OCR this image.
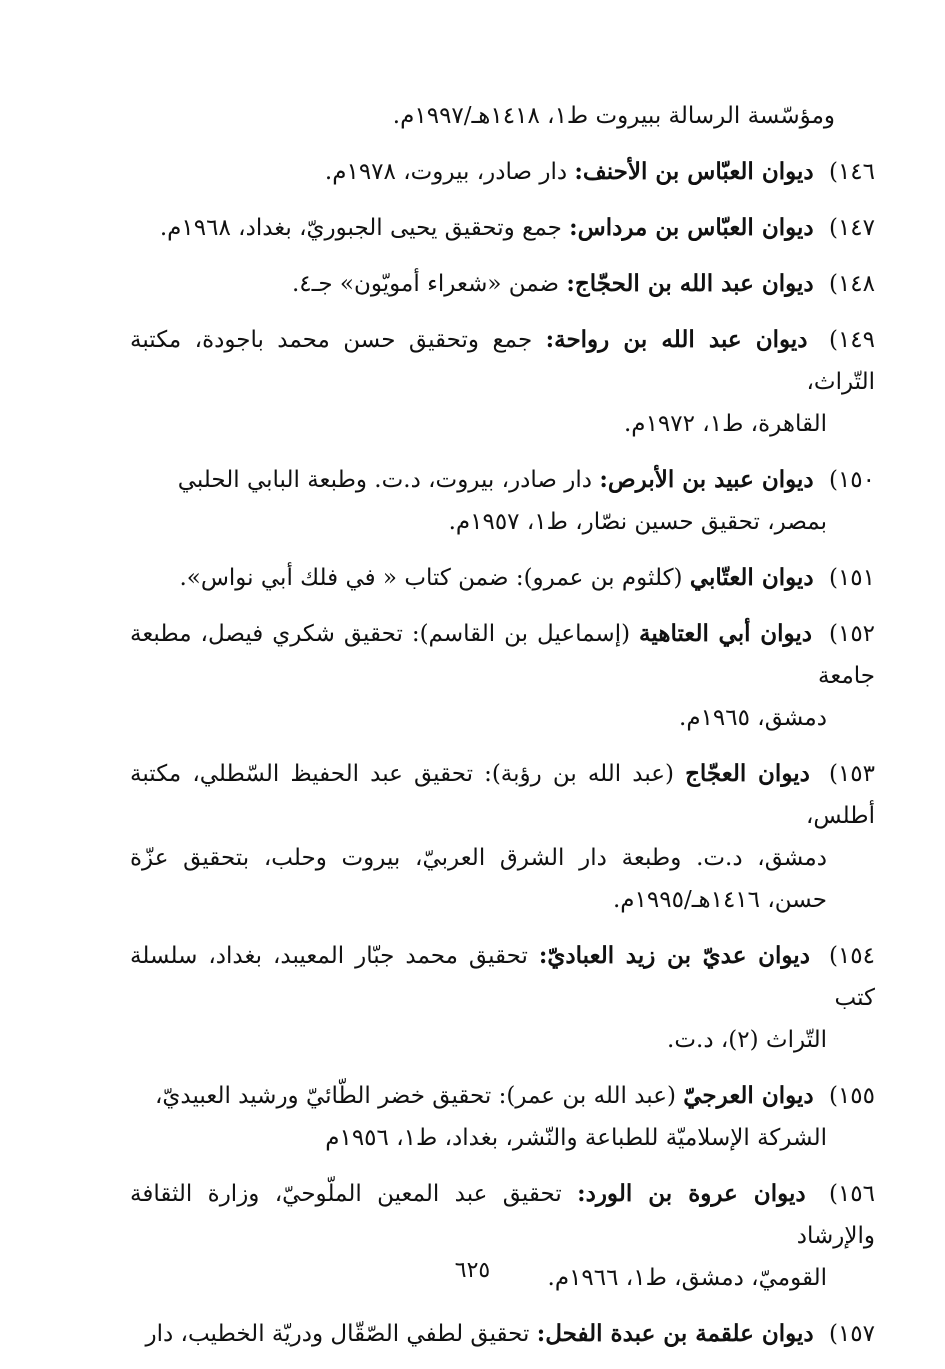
ومؤسّسة الرسالة ببيروت ط١، ١٤١٨هـ/١٩٩٧م.

١٤٦) ديوان العبّاس بن الأحنف: دار صادر، بيروت، ١٩٧٨م.

١٤٧) ديوان العبّاس بن مرداس: جمع وتحقيق يحيى الجبوريّ، بغداد، ١٩٦٨م.

١٤٨) ديوان عبد الله بن الحجّاج: ضمن «شعراء أمويّون» جـ٤.

١٤٩) ديوان عبد الله بن رواحة: جمع وتحقيق حسن محمد باجودة، مكتبة التّراث،
القاهرة، ط١، ١٩٧٢م.

١٥٠) ديوان عبيد بن الأبرص: دار صادر، بيروت، د.ت. وطبعة البابي الحلبي
بمصر، تحقيق حسين نصّار، ط١، ١٩٥٧م.

١٥١) ديوان العتّابي (كلثوم بن عمرو): ضمن كتاب « في فلك أبي نواس».

١٥٢) ديوان أبي العتاهية (إسماعيل بن القاسم): تحقيق شكري فيصل، مطبعة جامعة
دمشق، ١٩٦٥م.

١٥٣) ديوان العجّاج (عبد الله بن رؤبة): تحقيق عبد الحفيظ السّطلي، مكتبة أطلس،
دمشق، د.ت. وطبعة دار الشرق العربيّ، بيروت وحلب، بتحقيق عزّة حسن، ١٤١٦هـ/١٩٩٥م.

١٥٤) ديوان عديّ بن زيد العباديّ: تحقيق محمد جبّار المعيبد، بغداد، سلسلة كتب
التّراث (٢)، د.ت.

١٥٥) ديوان العرجيّ (عبد الله بن عمر): تحقيق خضر الطّائيّ ورشيد العبيديّ،
الشركة الإسلاميّة للطباعة والنّشر، بغداد، ط١، ١٩٥٦م

١٥٦) ديوان عروة بن الورد: تحقيق عبد المعين الملّوحيّ، وزارة الثقافة والإرشاد
القوميّ، دمشق، ط١، ١٩٦٦م.

١٥٧) ديوان علقمة بن عبدة الفحل: تحقيق لطفي الصّقّال ودريّة الخطيب، دار

٦٢٥
